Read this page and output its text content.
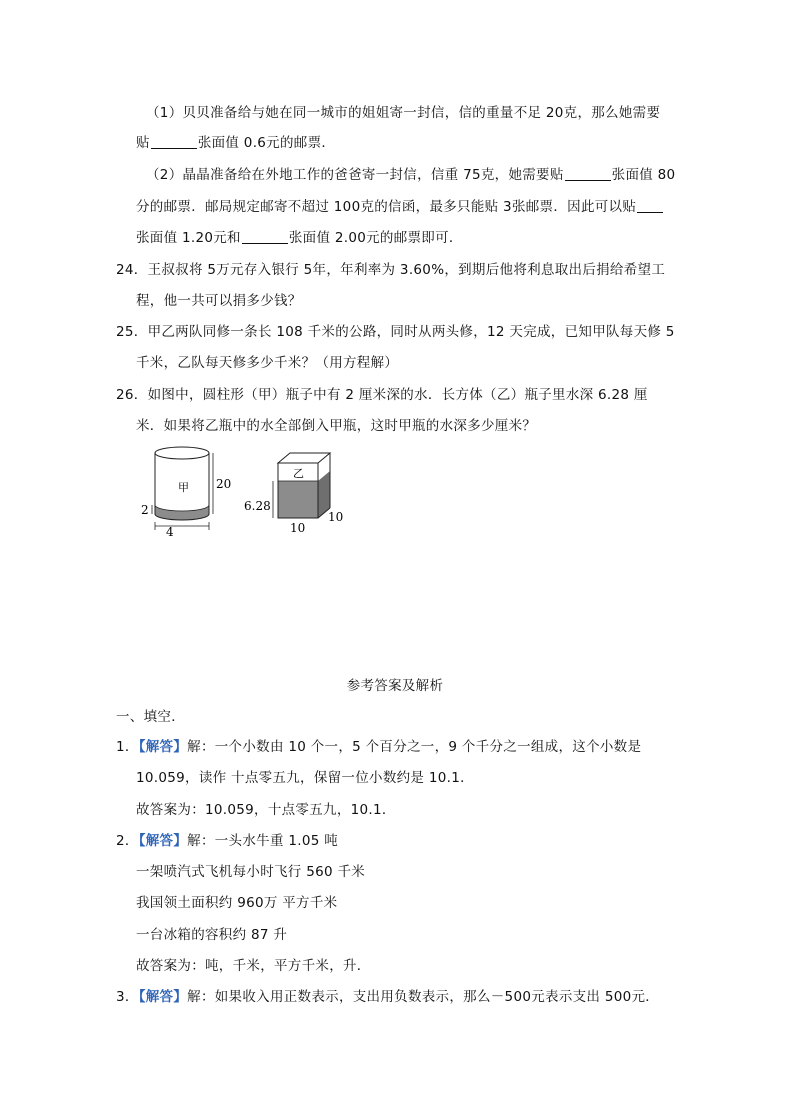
（1）贝贝准备给与她在同一城市的姐姐寄一封信，信的重量不足 20克，那么她需要
贴	张面值 0.6元的邮票．
（2）晶晶准备给在外地工作的爸爸寄一封信，信重 75克，她需要贴	张面值 80
分的邮票．邮局规定邮寄不超过 100克的信函，最多只能贴 3张邮票．因此可以贴
张面值 1.20元和	张面值 2.00元的邮票即可．
24．王叔叔将 5万元存入银行 5年，年利率为 3.60%，到期后他将利息取出后捐给希望工
程，他一共可以捐多少钱？
25．甲乙两队同修一条长 108 千米的公路，同时从两头修，12 天完成，已知甲队每天修 5
千米，乙队每天修多少千米？（用方程解）
26．如图中，圆柱形（甲）瓶子中有 2 厘米深的水．长方体（乙）瓶子里水深 6.28 厘
米．如果将乙瓶中的水全部倒入甲瓶，这时甲瓶的水深多少厘米？
甲 20
2
4
乙
6.28
10
10
参考答案及解析
一、填空．
1．【解答】解：一个小数由 10 个一，5 个百分之一，9 个千分之一组成，这个小数是
10.059，读作 十点零五九，保留一位小数约是 10.1．
故答案为：10.059，十点零五九，10.1．
2．【解答】解：一头水牛重 1.05 吨
一架喷汽式飞机每小时飞行 560 千米
我国领土面积约 960万 平方千米
一台冰箱的容积约 87 升
故答案为：吨，千米，平方千米，升．
3．【解答】解：如果收入用正数表示，支出用负数表示，那么－500元表示支出 500元．
